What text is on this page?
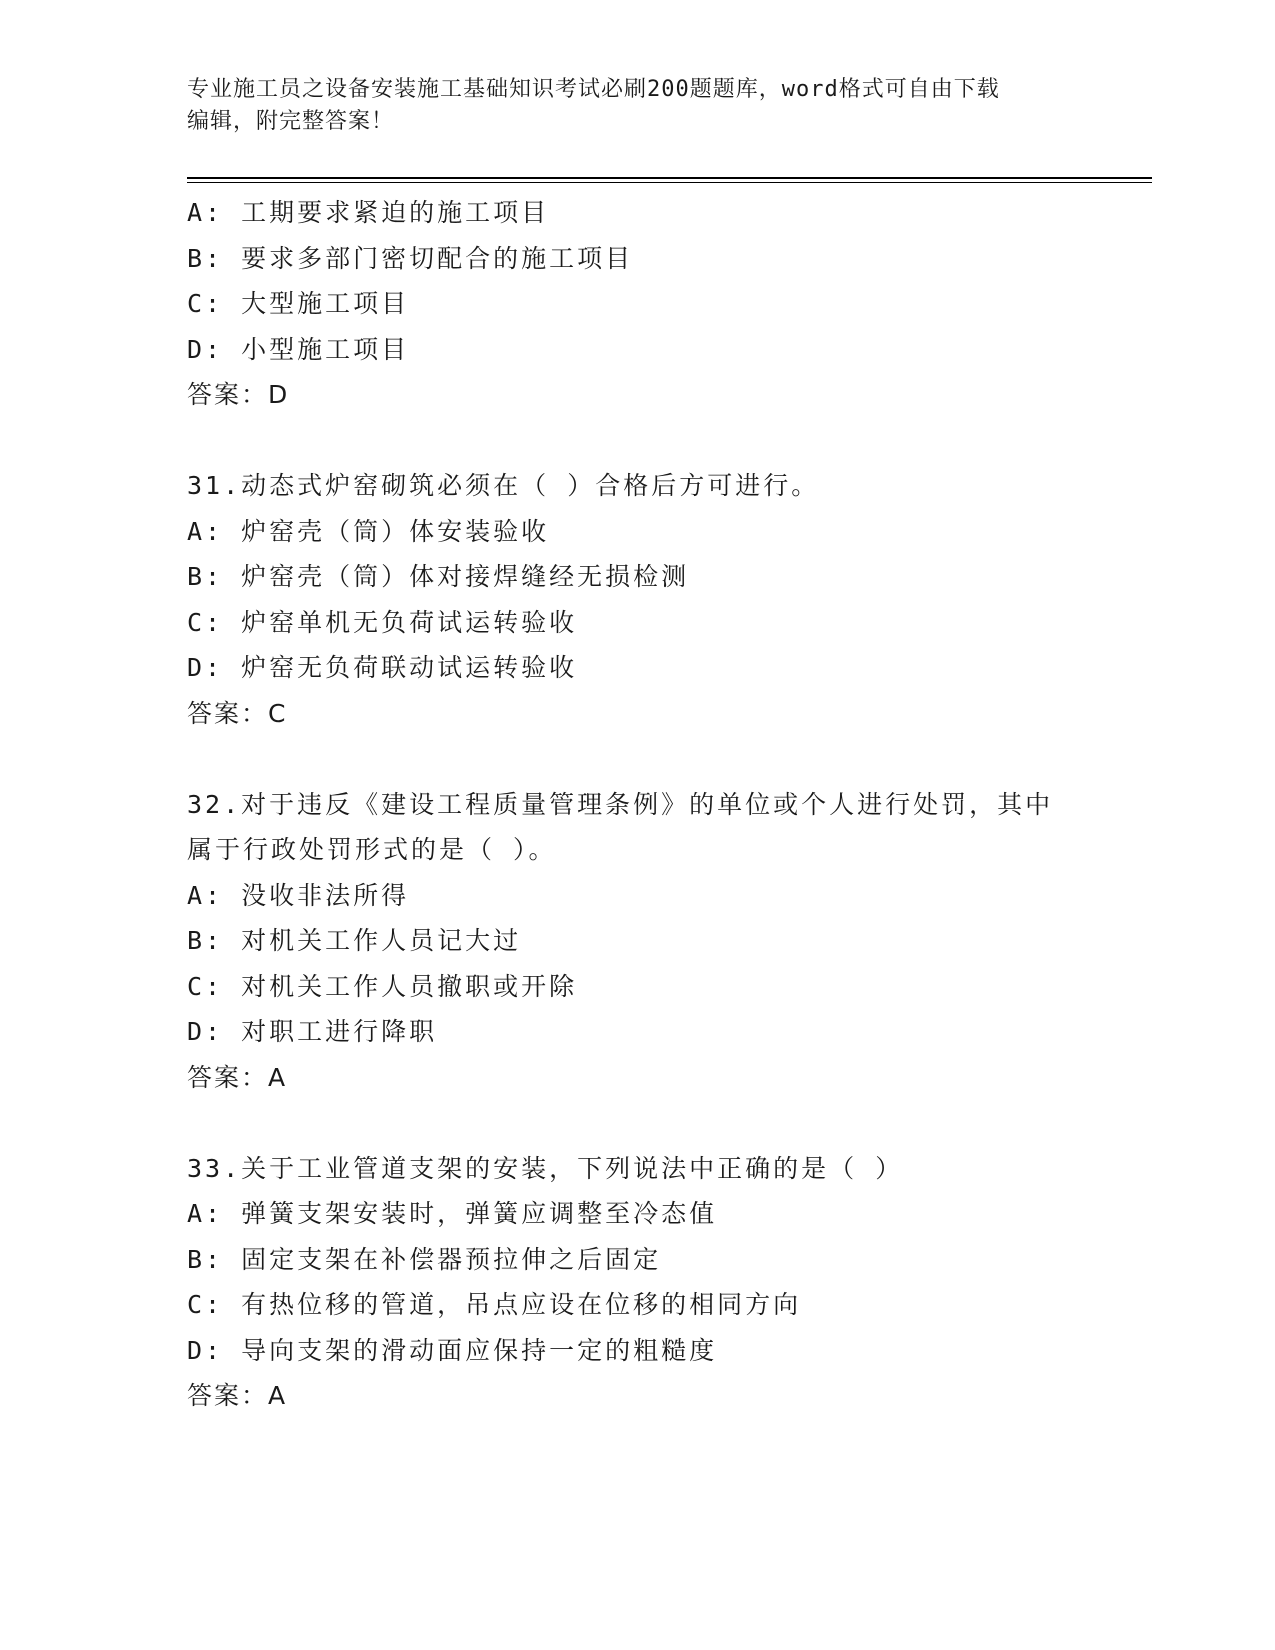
专业施工员之设备安装施工基础知识考试必刷200题题库，word格式可自由下载
编辑，附完整答案！
A: 工期要求紧迫的施工项目
B: 要求多部门密切配合的施工项目
C: 大型施工项目
D: 小型施工项目
答案：D
31.动态式炉窑砌筑必须在（ ）合格后方可进行。
A: 炉窑壳（筒）体安装验收
B: 炉窑壳（筒）体对接焊缝经无损检测
C: 炉窑单机无负荷试运转验收
D: 炉窑无负荷联动试运转验收
答案：C
32.对于违反《建设工程质量管理条例》的单位或个人进行处罚，其中
属于行政处罚形式的是（ ）。
A: 没收非法所得
B: 对机关工作人员记大过
C: 对机关工作人员撤职或开除
D: 对职工进行降职
答案：A
33.关于工业管道支架的安装，下列说法中正确的是（ ）
A: 弹簧支架安装时，弹簧应调整至冷态值
B: 固定支架在补偿器预拉伸之后固定
C: 有热位移的管道，吊点应设在位移的相同方向
D: 导向支架的滑动面应保持一定的粗糙度
答案：A
